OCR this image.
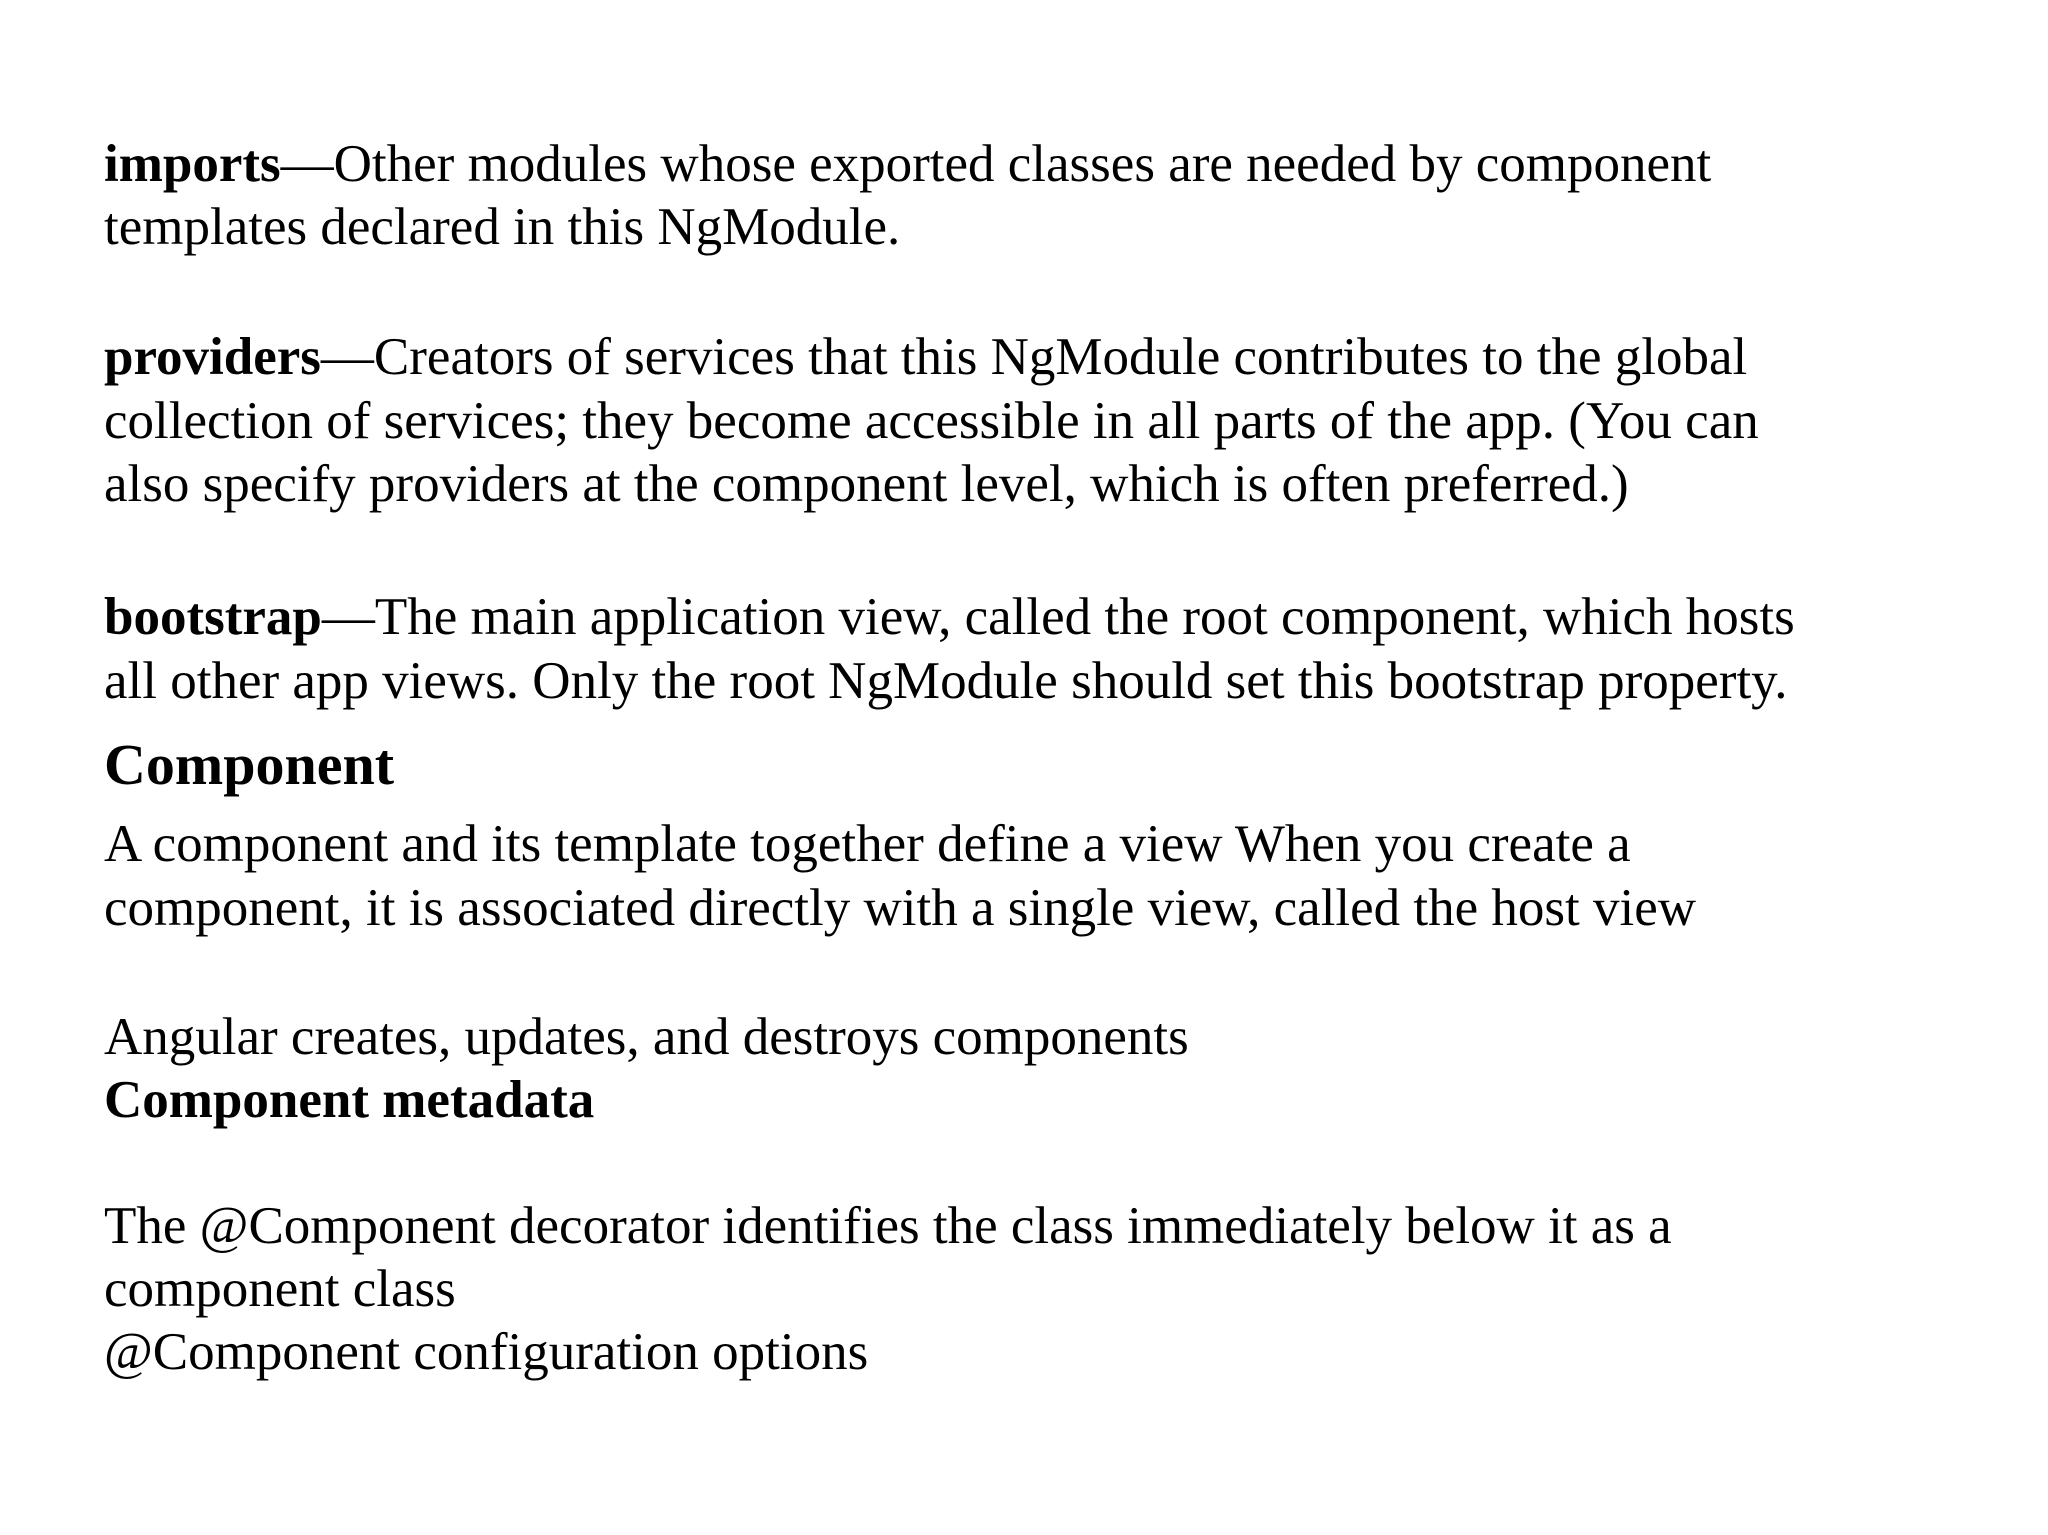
imports—Other modules whose exported classes are needed by component
templates declared in this NgModule.
providers—Creators of services that this NgModule contributes to the global
collection of services; they become accessible in all parts of the app. (You can
also specify providers at the component level, which is often preferred.)
bootstrap—The main application view, called the root component, which hosts
all other app views. Only the root NgModule should set this bootstrap property.
Component
A component and its template together define a view When you create a
component, it is associated directly with a single view, called the host view
Angular creates, updates, and destroys components
Component metadata
The @Component decorator identifies the class immediately below it as a
component class
@Component configuration options
